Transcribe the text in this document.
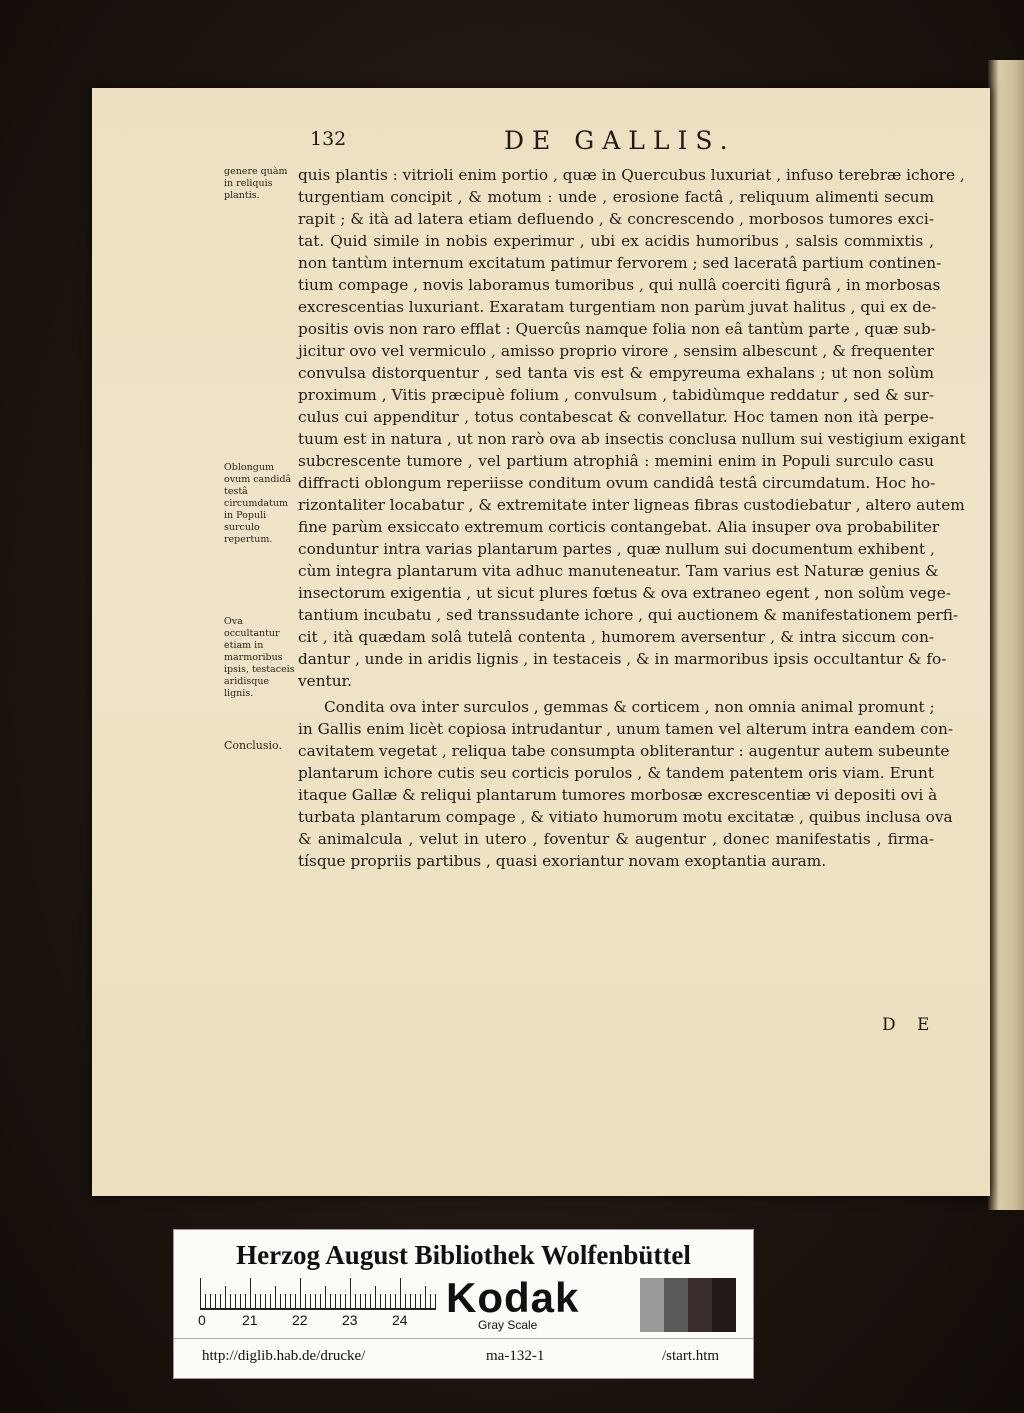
132	DE GALLIS.
quis plantis : vitrioli enim portio , quæ in Quercubus luxuriat , infuso terebræ ichore ,
turgentiam concipit , & motum : unde , erosione factâ , reliquum alimenti secum
rapit ; & ità ad latera etiam defluendo , & concrescendo , morbosos tumores exci-
tat. Quid simile in nobis experimur , ubi ex acidis humoribus , salsis commixtis ,
non tantùm internum excitatum patimur fervorem ; sed laceratâ partium continen-
tium compage , novis laboramus tumoribus , qui nullâ coerciti figurâ , in morbosas
excrescentias luxuriant. Exaratam turgentiam non parùm juvat halitus , qui ex de-
positis ovis non raro efflat : Quercûs namque folia non eâ tantùm parte , quæ sub-
jicitur ovo vel vermiculo , amisso proprio virore , sensim albescunt , & frequenter
convulsa distorquentur , sed tanta vis est & empyreuma exhalans ; ut non solùm
proximum , Vitis præcipuè folium , convulsum , tabidùmque reddatur , sed & sur-
culus cui appenditur , totus contabescat & convellatur. Hoc tamen non ità perpe-
tuum est in natura , ut non rarò ova ab insectis conclusa nullum sui vestigium exigant
subcrescente tumore , vel partium atrophiâ : memini enim in Populi surculo casu
diffracti oblongum reperiisse conditum ovum candidâ testâ circumdatum. Hoc ho-
rizontaliter locabatur , & extremitate inter ligneas fibras custodiebatur , altero autem
fine parùm exsiccato extremum corticis contangebat. Alia insuper ova probabiliter
conduntur intra varias plantarum partes , quæ nullum sui documentum exhibent ,
cùm integra plantarum vita adhuc manuteneatur. Tam varius est Naturæ genius &
insectorum exigentia , ut sicut plures fœtus & ova extraneo egent , non solùm vege-
tantium incubatu , sed transsudante ichore , qui auctionem & manifestationem perfi-
cit , ità quædam solâ tutelâ contenta , humorem aversentur , & intra siccum con-
dantur , unde in aridis lignis , in testaceis , & in marmoribus ipsis occultantur & fo-
ventur.
Condita ova inter surculos , gemmas & corticem , non omnia animal promunt ;
in Gallis enim licèt copiosa intrudantur , unum tamen vel alterum intra eandem con-
cavitatem vegetat , reliqua tabe consumpta obliterantur : augentur autem subeunte
plantarum ichore cutis seu corticis porulos , & tandem patentem oris viam. Erunt
itaque Gallæ & reliqui plantarum tumores morbosæ excrescentiæ vi depositi ovi à
turbata plantarum compage , & vitiato humorum motu excitatæ , quibus inclusa ova
& animalcula , velut in utero , foventur & augentur , donec manifestatis , firma-
tísque propriis partibus , quasi exoriantur novam exoptantia auram.
genere quàm in reliquis plantis.
Oblongum ovum candidâ testâ circumdatum in Populi surculo repertum.
Ova occultantur etiam in marmoribus ipsis, testaceis aridisque lignis.
Conclusio.
D E
Herzog August Bibliothek Wolfenbüttel
0	21 22 23 24 Kodak
Gray Scale
http://diglib.hab.de/drucke/	ma-132-1	/start.htm
